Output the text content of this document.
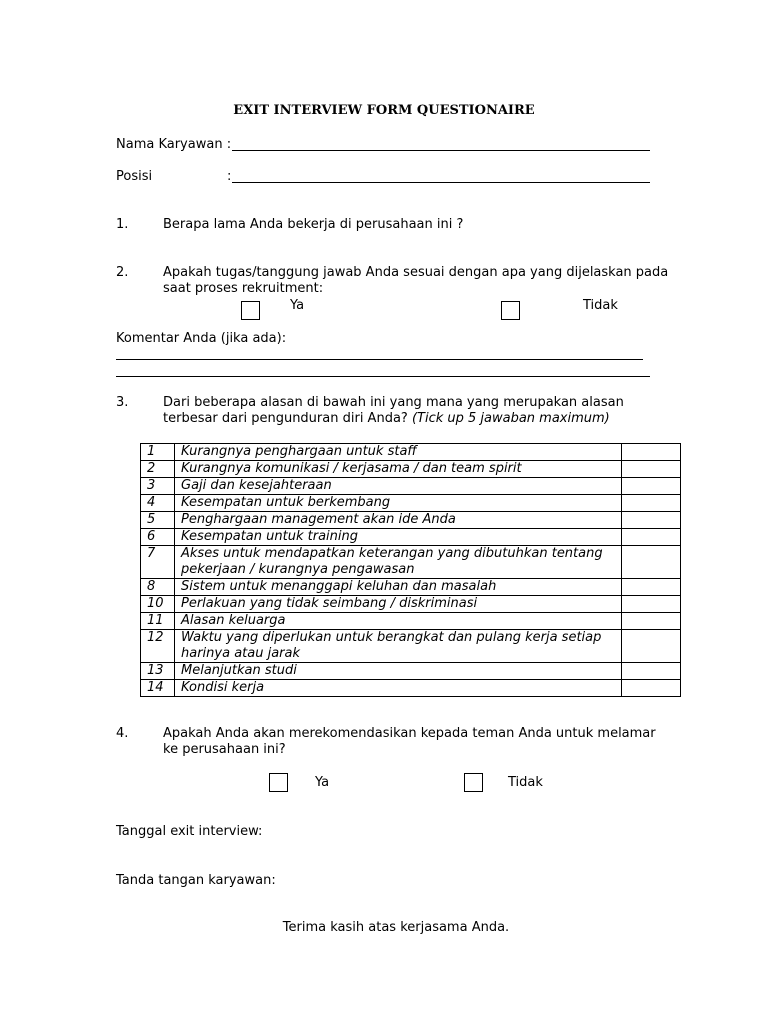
EXIT INTERVIEW FORM QUESTIONAIRE
Nama Karyawan :
Posisi	:
1.	Berapa lama Anda bekerja di perusahaan ini ?
2.	Apakah tugas/tanggung jawab Anda sesuai dengan apa yang dijelaskan pada
saat proses rekruitment:
Ya	Tidak
Komentar Anda (jika ada):
3.	Dari beberapa alasan di bawah ini yang mana yang merupakan alasan
terbesar dari pengunduran diri Anda? (Tick up 5 jawaban maximum)
1	Kurangnya penghargaan untuk staff	
2	Kurangnya komunikasi / kerjasama / dan team spirit	
3	Gaji dan kesejahteraan	
4	Kesempatan untuk berkembang	
5	Penghargaan management akan ide Anda	
6	Kesempatan untuk training	
7	Akses untuk mendapatkan keterangan yang dibutuhkan tentang pekerjaan / kurangnya pengawasan	
8	Sistem untuk menanggapi keluhan dan masalah	
10	Perlakuan yang tidak seimbang / diskriminasi	
11	Alasan keluarga	
12	Waktu yang diperlukan untuk berangkat dan pulang kerja setiap harinya atau jarak	
13	Melanjutkan studi	
14	Kondisi kerja	
4.	Apakah Anda akan merekomendasikan kepada teman Anda untuk melamar
ke perusahaan ini?
Ya	Tidak
Tanggal exit interview:
Tanda tangan karyawan:
Terima kasih atas kerjasama Anda.
